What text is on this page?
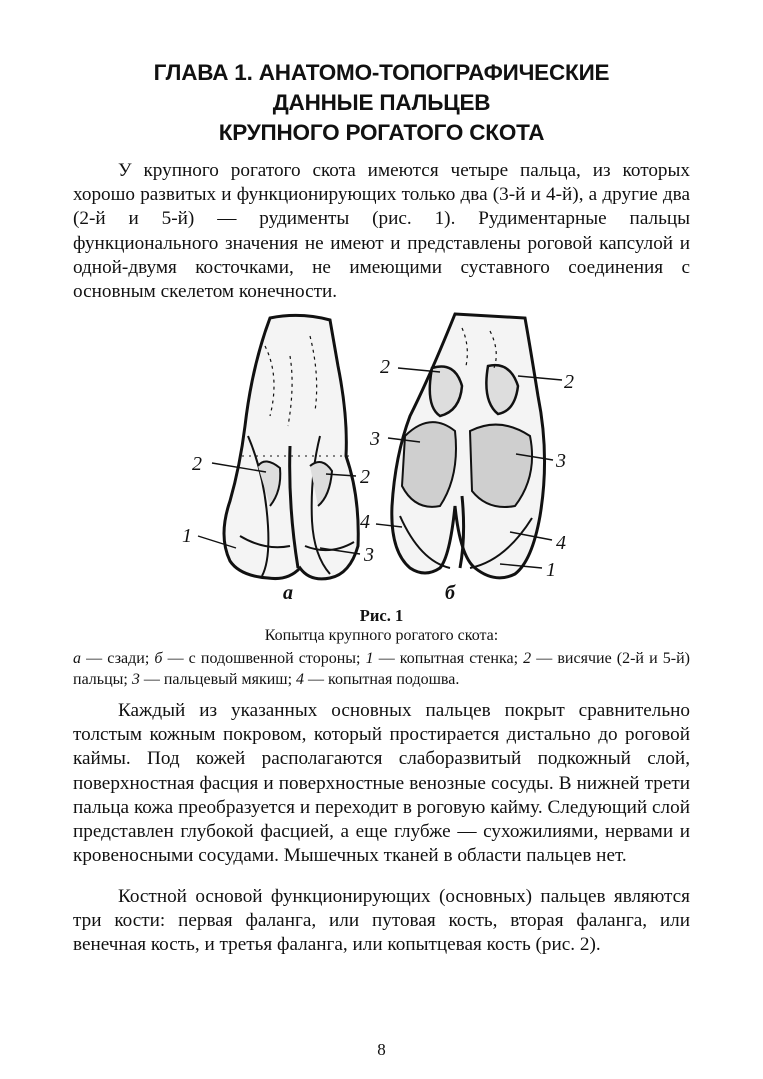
ГЛАВА 1. АНАТОМО-ТОПОГРАФИЧЕСКИЕ
ДАННЫЕ ПАЛЬЦЕВ
КРУПНОГО РОГАТОГО СКОТА

У крупного рогатого скота имеются четыре пальца, из которых хорошо развитых и функционирующих только два (3-й и 4-й), а другие два (2-й и 5-й) — рудименты (рис. 1). Рудиментарные пальцы функционального значения не имеют и представлены роговой капсулой и одной-двумя косточками, не имеющими суставного соединения с основным скелетом конечности.

2
2
1
3
2
2
3
3
4
4
1
а	б
Рис. 1
Копытца крупного рогатого скота:
а — сзади; б — с подошвенной стороны; 1 — копытная стенка; 2 — висячие (2-й и 5-й) пальцы; 3 — пальцевый мякиш; 4 — копытная подошва.

Каждый из указанных основных пальцев покрыт сравнительно толстым кожным покровом, который простирается дистально до роговой каймы. Под кожей располагаются слаборазвитый подкожный слой, поверхностная фасция и поверхностные венозные сосуды. В нижней трети пальца кожа преобразуется и переходит в роговую кайму. Следующий слой представлен глубокой фасцией, а еще глубже — сухожилиями, нервами и кровеносными сосудами. Мышечных тканей в области пальцев нет.

Костной основой функционирующих (основных) пальцев являются три кости: первая фаланга, или путовая кость, вторая фаланга, или венечная кость, и третья фаланга, или копытцевая кость (рис. 2).

8
